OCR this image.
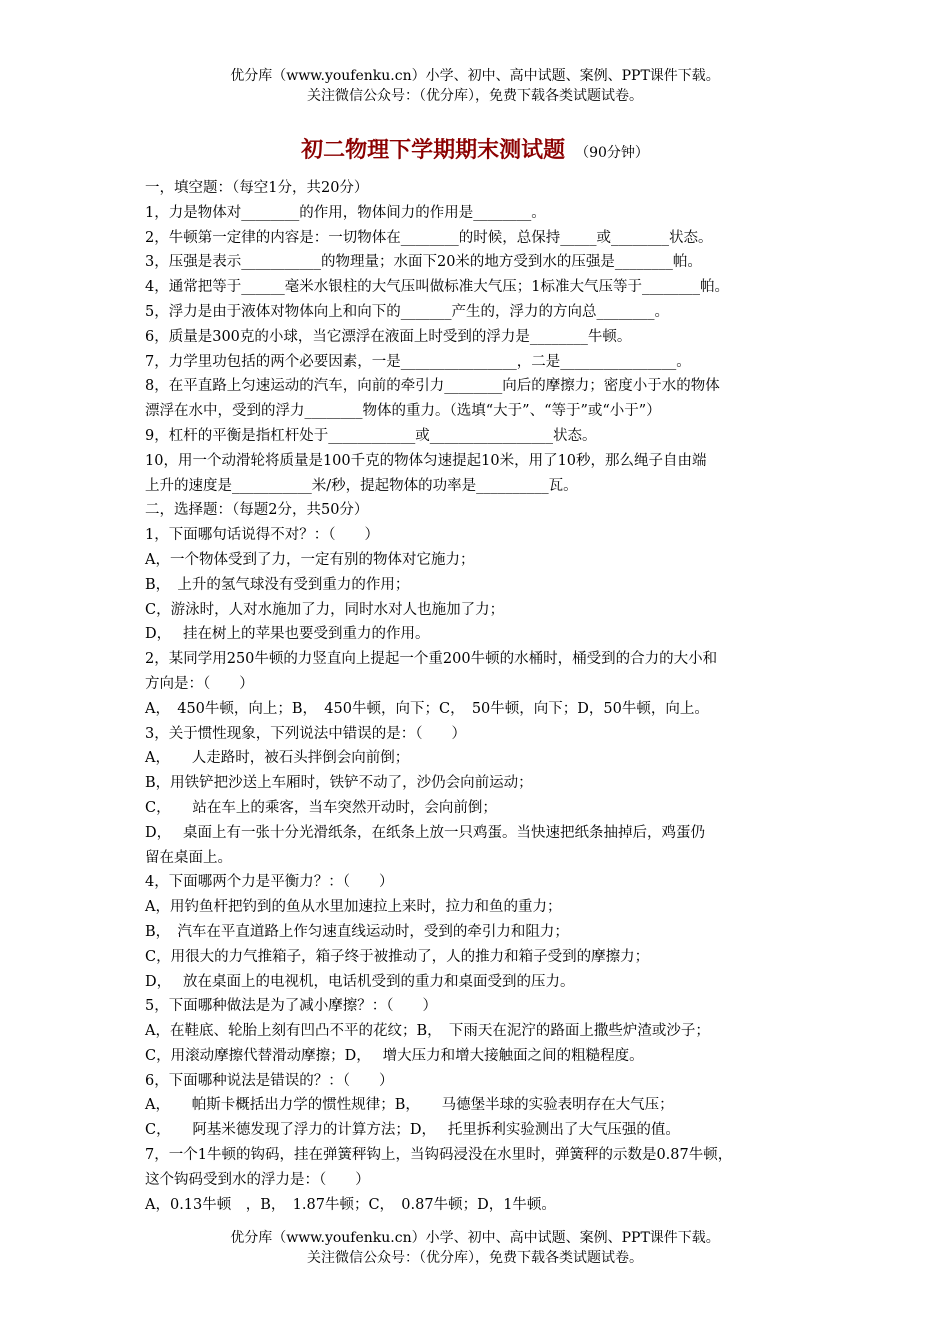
优分库（www.youfenku.cn）小学、初中、高中试题、案例、PPT课件下载。
关注微信公众号：（优分库），免费下载各类试题试卷。
初二物理下学期期末测试题 （90分钟）
一，填空题：（每空1分，共20分）
1，力是物体对________的作用，物体间力的作用是________。
2，牛顿第一定律的内容是：一切物体在________的时候，总保持_____或________状态。
3，压强是表示___________的物理量；水面下20米的地方受到水的压强是________帕。
4，通常把等于______毫米水银柱的大气压叫做标准大气压；1标准大气压等于________帕。
5，浮力是由于液体对物体向上和向下的_______产生的，浮力的方向总________。
6，质量是300克的小球，当它漂浮在液面上时受到的浮力是________牛顿。
7，力学里功包括的两个必要因素，一是________________，二是________________。
8，在平直路上匀速运动的汽车，向前的牵引力________向后的摩擦力；密度小于水的物体
漂浮在水中，受到的浮力________物体的重力。（选填“大于”、“等于”或“小于”）
9，杠杆的平衡是指杠杆处于____________或_________________状态。
10，用一个动滑轮将质量是100千克的物体匀速提起10米，用了10秒，那么绳子自由端
上升的速度是___________米/秒，提起物体的功率是__________瓦。
二，选择题：（每题2分，共50分）
1，下面哪句话说得不对？：（　　）
A，一个物体受到了力，一定有别的物体对它施力；
B，　上升的氢气球没有受到重力的作用；
C，游泳时，人对水施加了力，同时水对人也施加了力；
D，　 挂在树上的苹果也要受到重力的作用。
2，某同学用250牛顿的力竖直向上提起一个重200牛顿的水桶时，桶受到的合力的大小和
方向是：（　　）
A，　450牛顿，向上；B，　450牛顿，向下；C，　50牛顿，向下；D，50牛顿，向上。
3，关于惯性现象，下列说法中错误的是：（　　）
A，　　人走路时，被石头拌倒会向前倒；
B，用铁铲把沙送上车厢时，铁铲不动了，沙仍会向前运动；
C，　　站在车上的乘客，当车突然开动时，会向前倒；
D，　 桌面上有一张十分光滑纸条，在纸条上放一只鸡蛋。当快速把纸条抽掉后，鸡蛋仍
留在桌面上。
4，下面哪两个力是平衡力？：（　　）
A，用钓鱼杆把钓到的鱼从水里加速拉上来时，拉力和鱼的重力；
B，　汽车在平直道路上作匀速直线运动时，受到的牵引力和阻力；
C，用很大的力气推箱子，箱子终于被推动了，人的推力和箱子受到的摩擦力；
D，　 放在桌面上的电视机，电话机受到的重力和桌面受到的压力。
5，下面哪种做法是为了减小摩擦？：（　　）
A，在鞋底、轮胎上刻有凹凸不平的花纹；B，　下雨天在泥泞的路面上撒些炉渣或沙子；
C，用滚动摩擦代替滑动摩擦；D，　 增大压力和增大接触面之间的粗糙程度。
6，下面哪种说法是错误的？：（　　）
A，　　帕斯卡概括出力学的惯性规律；B，　　马德堡半球的实验表明存在大气压；
C，　　阿基米德发现了浮力的计算方法；D，　 托里拆利实验测出了大气压强的值。
7，一个1牛顿的钩码，挂在弹簧秤钩上，当钩码浸没在水里时，弹簧秤的示数是0.87牛顿，
这个钩码受到水的浮力是：（　　）
A，0.13牛顿　，B，　1.87牛顿；C，　0.87牛顿；D，1牛顿。
优分库（www.youfenku.cn）小学、初中、高中试题、案例、PPT课件下载。
关注微信公众号：（优分库），免费下载各类试题试卷。
